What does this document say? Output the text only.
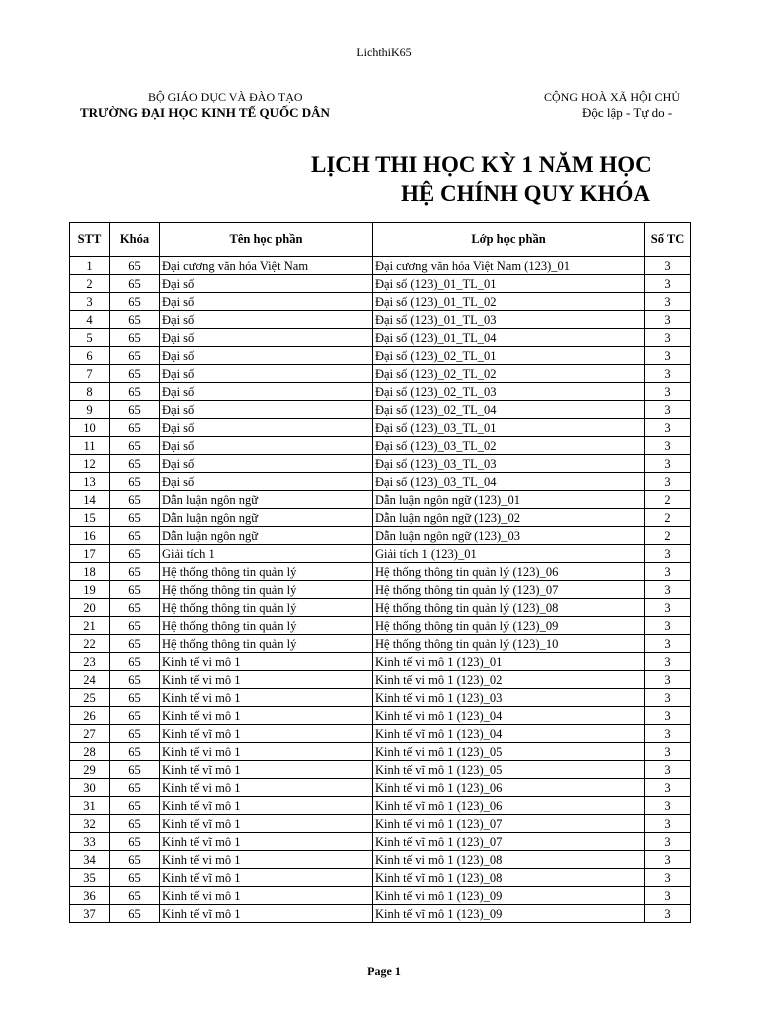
LichthiK65
BỘ GIÁO DỤC VÀ ĐÀO TẠO
TRƯỜNG ĐẠI HỌC KINH TẾ QUỐC DÂN
CỘNG HOÀ XÃ HỘI CHỦ
Độc lập - Tự do -
LỊCH THI HỌC KỲ 1 NĂM HỌC
HỆ CHÍNH QUY KHÓA
STT	Khóa	Tên học phần	Lớp học phần	Số TC
1	65	Đại cương văn hóa Việt Nam	Đại cương văn hóa Việt Nam (123)_01	3
2	65	Đại số	Đại số (123)_01_TL_01	3
3	65	Đại số	Đại số (123)_01_TL_02	3
4	65	Đại số	Đại số (123)_01_TL_03	3
5	65	Đại số	Đại số (123)_01_TL_04	3
6	65	Đại số	Đại số (123)_02_TL_01	3
7	65	Đại số	Đại số (123)_02_TL_02	3
8	65	Đại số	Đại số (123)_02_TL_03	3
9	65	Đại số	Đại số (123)_02_TL_04	3
10	65	Đại số	Đại số (123)_03_TL_01	3
11	65	Đại số	Đại số (123)_03_TL_02	3
12	65	Đại số	Đại số (123)_03_TL_03	3
13	65	Đại số	Đại số (123)_03_TL_04	3
14	65	Dẫn luận ngôn ngữ	Dẫn luận ngôn ngữ (123)_01	2
15	65	Dẫn luận ngôn ngữ	Dẫn luận ngôn ngữ (123)_02	2
16	65	Dẫn luận ngôn ngữ	Dẫn luận ngôn ngữ (123)_03	2
17	65	Giải tích 1	Giải tích 1 (123)_01	3
18	65	Hệ thống thông tin quản lý	Hệ thống thông tin quản lý (123)_06	3
19	65	Hệ thống thông tin quản lý	Hệ thống thông tin quản lý (123)_07	3
20	65	Hệ thống thông tin quản lý	Hệ thống thông tin quản lý (123)_08	3
21	65	Hệ thống thông tin quản lý	Hệ thống thông tin quản lý (123)_09	3
22	65	Hệ thống thông tin quản lý	Hệ thống thông tin quản lý (123)_10	3
23	65	Kinh tế vi mô 1	Kinh tế vi mô 1 (123)_01	3
24	65	Kinh tế vi mô 1	Kinh tế vi mô 1 (123)_02	3
25	65	Kinh tế vi mô 1	Kinh tế vi mô 1 (123)_03	3
26	65	Kinh tế vi mô 1	Kinh tế vi mô 1 (123)_04	3
27	65	Kinh tế vĩ mô 1	Kinh tế vĩ mô 1 (123)_04	3
28	65	Kinh tế vi mô 1	Kinh tế vi mô 1 (123)_05	3
29	65	Kinh tế vĩ mô 1	Kinh tế vĩ mô 1 (123)_05	3
30	65	Kinh tế vi mô 1	Kinh tế vi mô 1 (123)_06	3
31	65	Kinh tế vĩ mô 1	Kinh tế vĩ mô 1 (123)_06	3
32	65	Kinh tế vĩ mô 1	Kinh tế vi mô 1 (123)_07	3
33	65	Kinh tế vĩ mô 1	Kinh tế vĩ mô 1 (123)_07	3
34	65	Kinh tế vi mô 1	Kinh tế vi mô 1 (123)_08	3
35	65	Kinh tế vĩ mô 1	Kinh tế vĩ mô 1 (123)_08	3
36	65	Kinh tế vi mô 1	Kinh tế vi mô 1 (123)_09	3
37	65	Kinh tế vĩ mô 1	Kinh tế vĩ mô 1 (123)_09	3
Page 1
